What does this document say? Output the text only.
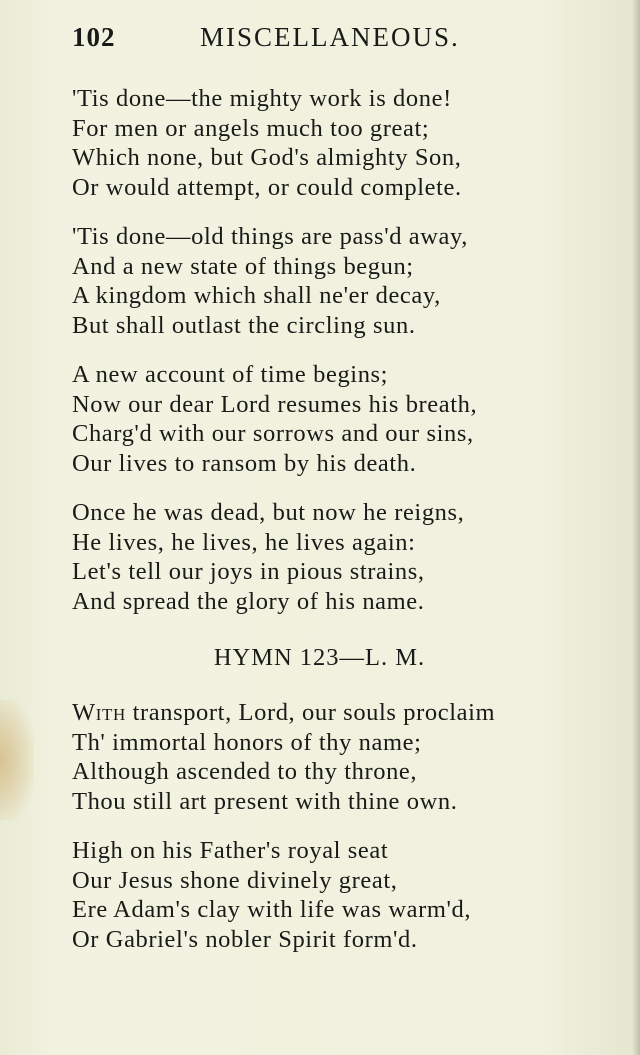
102	MISCELLANEOUS.
'Tis done—the mighty work is done!
For men or angels much too great;
Which none, but God's almighty Son,
Or would attempt, or could complete.
'Tis done—old things are pass'd away,
And a new state of things begun;
A kingdom which shall ne'er decay,
But shall outlast the circling sun.
A new account of time begins;
Now our dear Lord resumes his breath,
Charg'd with our sorrows and our sins,
Our lives to ransom by his death.
Once he was dead, but now he reigns,
He lives, he lives, he lives again:
Let's tell our joys in pious strains,
And spread the glory of his name.
HYMN 123—L. M.
With transport, Lord, our souls proclaim
Th' immortal honors of thy name;
Although ascended to thy throne,
Thou still art present with thine own.
High on his Father's royal seat
Our Jesus shone divinely great,
Ere Adam's clay with life was warm'd,
Or Gabriel's nobler Spirit form'd.
